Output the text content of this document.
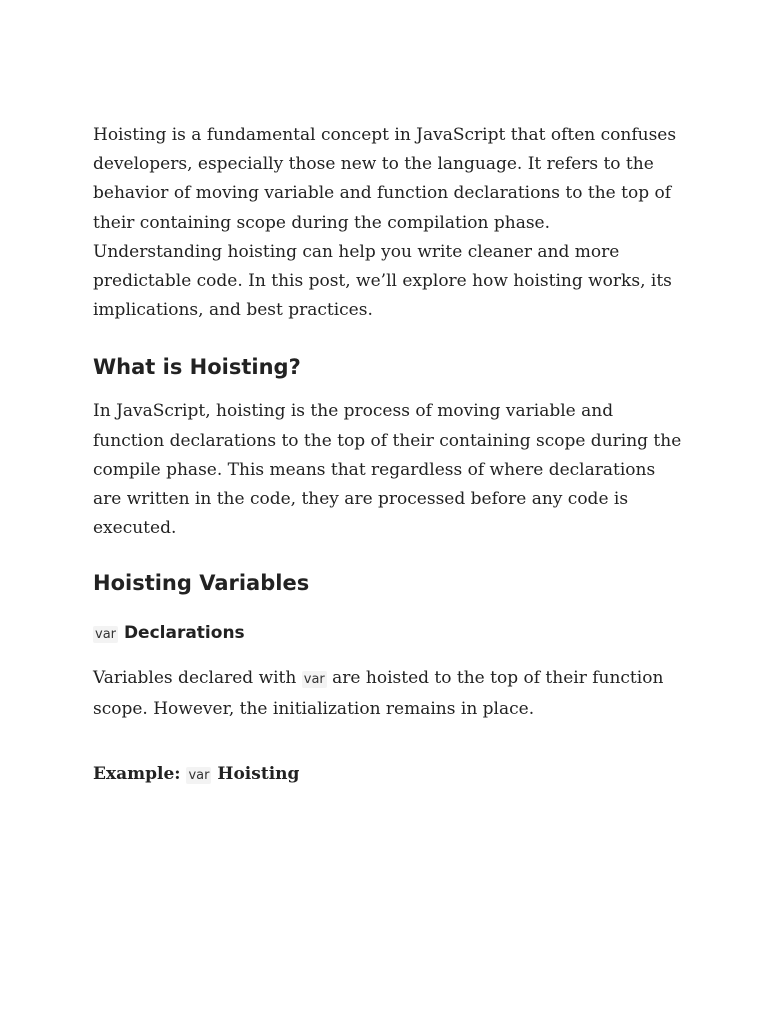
Hoisting is a fundamental concept in JavaScript that often confuses developers, especially those new to the language. It refers to the behavior of moving variable and function declarations to the top of their containing scope during the compilation phase. Understanding hoisting can help you write cleaner and more predictable code. In this post, we’ll explore how hoisting works, its implications, and best practices.

What is Hoisting?

In JavaScript, hoisting is the process of moving variable and function declarations to the top of their containing scope during the compile phase. This means that regardless of where declarations are written in the code, they are processed before any code is executed.

Hoisting Variables
var Declarations

Variables declared with var are hoisted to the top of their function scope. However, the initialization remains in place.

Example: var Hoisting
